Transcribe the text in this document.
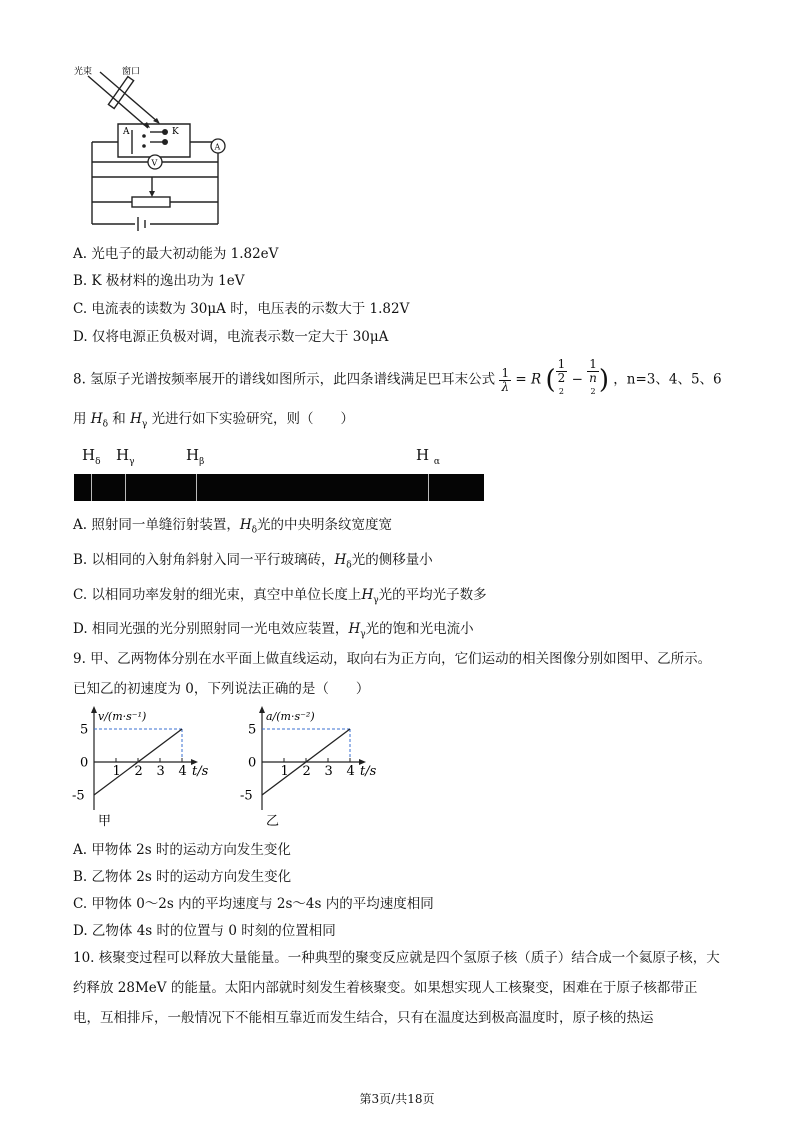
光束	窗口
A	K
A
V
A. 光电子的最大初动能为 1.82eV
B. K 极材料的逸出功为 1eV
C. 电流表的读数为 30μA 时，电压表的示数大于 1.82V
D. 仅将电源正负极对调，电流表示数一定大于 30μA
8. 氢原子光谱按频率展开的谱线如图所示，此四条谱线满足巴耳末公式 $\frac{1}{\lambda} = R$ ( 1
2
$^2$ − 1
n
$^2$ ) ，n=3、4、5、6
用 $H_\delta$ 和 $H_\gamma$ 光进行如下实验研究，则（　　）
$H_\delta$ $H_\gamma$	$H_\beta$	H $_\alpha$
A. 照射同一单缝衍射装置，$H_\delta$光的中央明条纹宽度宽
B. 以相同的入射角斜射入同一平行玻璃砖，$H_\delta$光的侧移量小
C. 以相同功率发射的细光束，真空中单位长度上$H_\gamma$光的平均光子数多
D. 相同光强的光分别照射同一光电效应装置，$H_\gamma$光的饱和光电流小
9. 甲、乙两物体分别在水平面上做直线运动，取向右为正方向，它们运动的相关图像分别如图甲、乙所示。已知乙的初速度为 0，下列说法正确的是（　　）
1 2 3 4
-5
0
5
t/s
v/(m·s⁻¹)
甲
1 2 3 4
-5
0
5
t/s
a/(m·s⁻²)
乙
A. 甲物体 2s 时的运动方向发生变化
B. 乙物体 2s 时的运动方向发生变化
C. 甲物体 0～2s 内的平均速度与 2s～4s 内的平均速度相同
D. 乙物体 4s 时的位置与 0 时刻的位置相同
10. 核聚变过程可以释放大量能量。一种典型的聚变反应就是四个氢原子核（质子）结合成一个氦原子核，大约释放 28MeV 的能量。太阳内部就时刻发生着核聚变。如果想实现人工核聚变，困难在于原子核都带正电，互相排斥，一般情况下不能相互靠近而发生结合，只有在温度达到极高温度时，原子核的热运
第3页/共18页
